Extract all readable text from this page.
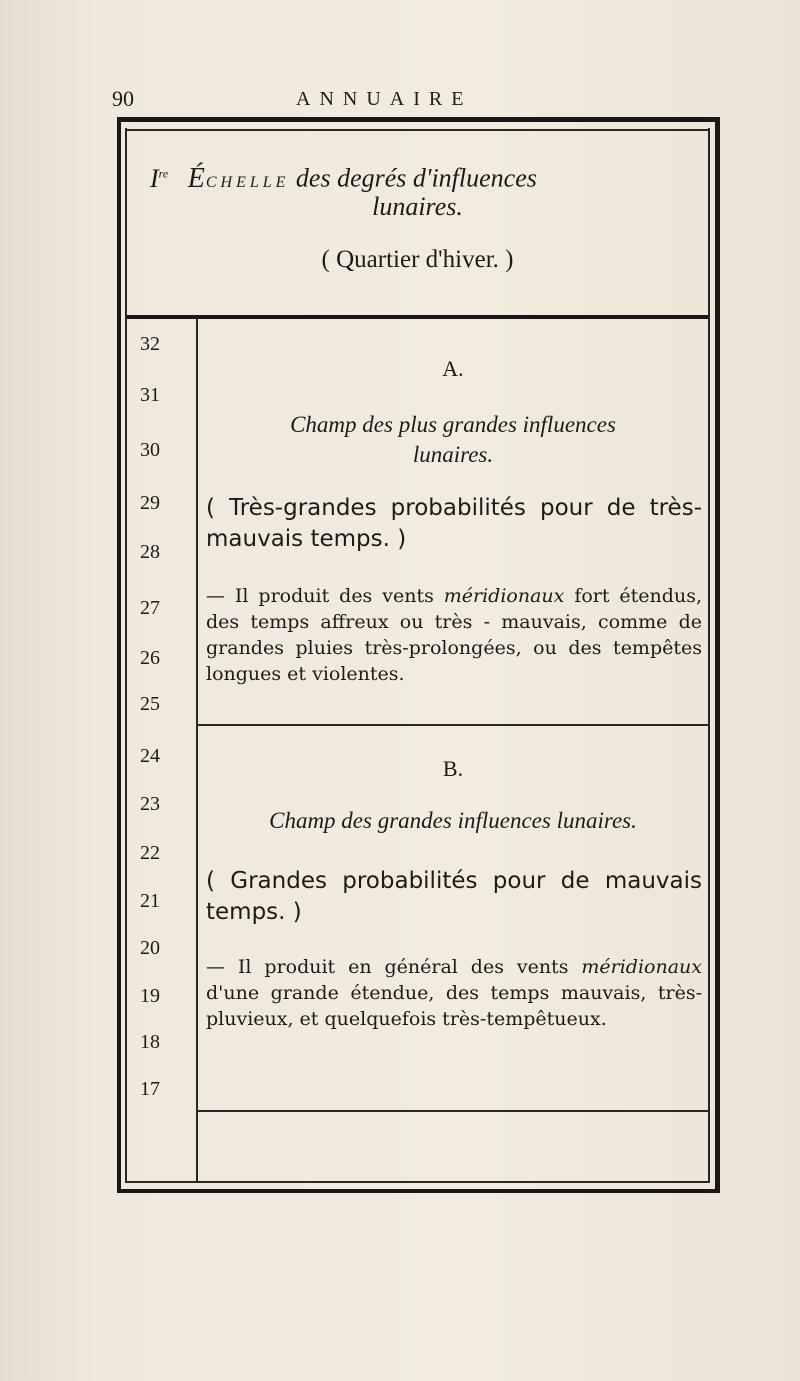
90	ANNUAIRE
Ire ÉCHELLE des degrés d'influences
lunaires.
( Quartier d'hiver. )
32
31
30
29
28
27
26
25
24
23
22
21
20
19
18
17
A.
Champ des plus grandes influences
lunaires.
( Très-grandes probabilités pour de très-mauvais temps. )
— Il produit des vents méridionaux fort étendus, des temps affreux ou très - mauvais, comme de grandes pluies très-prolongées, ou des tempêtes longues et violentes.
B.
Champ des grandes influences lunaires.
( Grandes probabilités pour de mauvais temps. )
— Il produit en général des vents méridionaux d'une grande étendue, des temps mauvais, très-pluvieux, et quelquefois très-tempêtueux.
